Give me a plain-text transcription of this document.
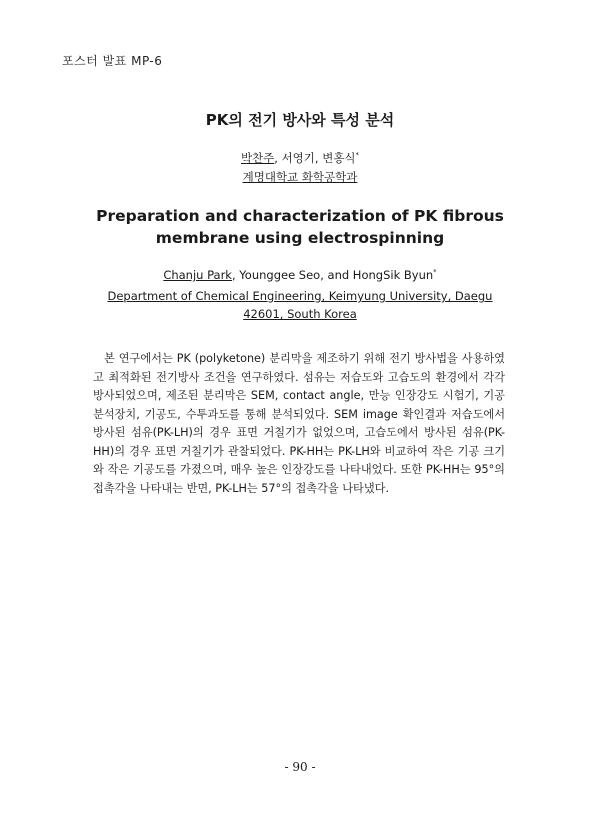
포스터 발표 MP-6
PK의 전기 방사와 특성 분석
박찬주, 서영기, 변홍식*
계명대학교 화학공학과
Preparation and characterization of PK fibrous membrane using electrospinning
Chanju Park, Younggee Seo, and HongSik Byun*
Department of Chemical Engineering, Keimyung University, Daegu 42601, South Korea

본 연구에서는 PK (polyketone) 분리막을 제조하기 위해 전기 방사법을 사용하였고 최적화된 전기방사 조건을 연구하였다. 섬유는 저습도와 고습도의 환경에서 각각 방사되었으며, 제조된 분리막은 SEM, contact angle, 만능 인장강도 시험기, 기공 분석장치, 기공도, 수투과도를 통해 분석되었다. SEM image 확인결과 저습도에서 방사된 섬유(PK-LH)의 경우 표면 거칠기가 없었으며, 고습도에서 방사된 섬유(PK-HH)의 경우 표면 거칠기가 관찰되었다. PK-HH는 PK-LH와 비교하여 작은 기공 크기와 작은 기공도를 가졌으며, 매우 높은 인장강도를 나타내었다. 또한 PK-HH는 95°의 접촉각을 나타내는 반면, PK-LH는 57°의 접촉각을 나타냈다.

- 90 -
